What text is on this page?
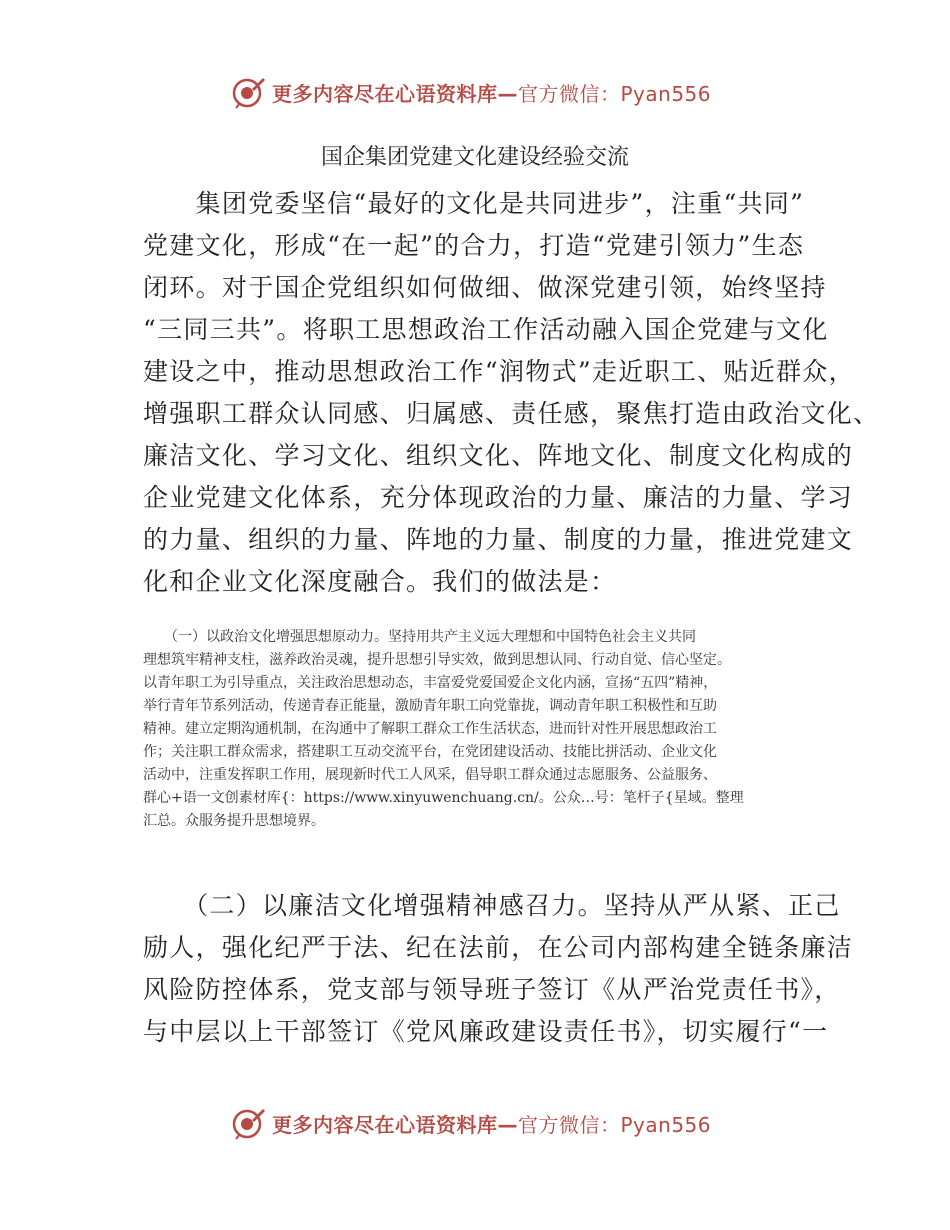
更多内容尽在心语资料库—官方微信：Pyan556
国企集团党建文化建设经验交流
　　集团党委坚信“最好的文化是共同进步”，注重“共同”
党建文化，形成“在一起”的合力，打造“党建引领力”生态
闭环。对于国企党组织如何做细、做深党建引领，始终坚持
“三同三共”。将职工思想政治工作活动融入国企党建与文化
建设之中，推动思想政治工作“润物式”走近职工、贴近群众，
增强职工群众认同感、归属感、责任感，聚焦打造由政治文化、
廉洁文化、学习文化、组织文化、阵地文化、制度文化构成的
企业党建文化体系，充分体现政治的力量、廉洁的力量、学习
的力量、组织的力量、阵地的力量、制度的力量，推进党建文
化和企业文化深度融合。我们的做法是：
　　（一）以政治文化增强思想原动力。坚持用共产主义远大理想和中国特色社会主义共同
理想筑牢精神支柱，滋养政治灵魂，提升思想引导实效，做到思想认同、行动自觉、信心坚定。
以青年职工为引导重点，关注政治思想动态，丰富爱党爱国爱企文化内涵，宣扬“五四”精神，
举行青年节系列活动，传递青春正能量，激励青年职工向党靠拢，调动青年职工积极性和互助
精神。建立定期沟通机制，在沟通中了解职工群众工作生活状态，进而针对性开展思想政治工
作；关注职工群众需求，搭建职工互动交流平台，在党团建设活动、技能比拼活动、企业文化
活动中，注重发挥职工作用，展现新时代工人风采，倡导职工群众通过志愿服务、公益服务、
群心+语一文创素材库{：https://www.xinyuwenchuang.cn/。公众…号：笔杆子{星域。整理
汇总。众服务提升思想境界。
　　（二）以廉洁文化增强精神感召力。坚持从严从紧、正己
励人，强化纪严于法、纪在法前，在公司内部构建全链条廉洁
风险防控体系，党支部与领导班子签订《从严治党责任书》，
与中层以上干部签订《党风廉政建设责任书》，切实履行“一
更多内容尽在心语资料库—官方微信：Pyan556
